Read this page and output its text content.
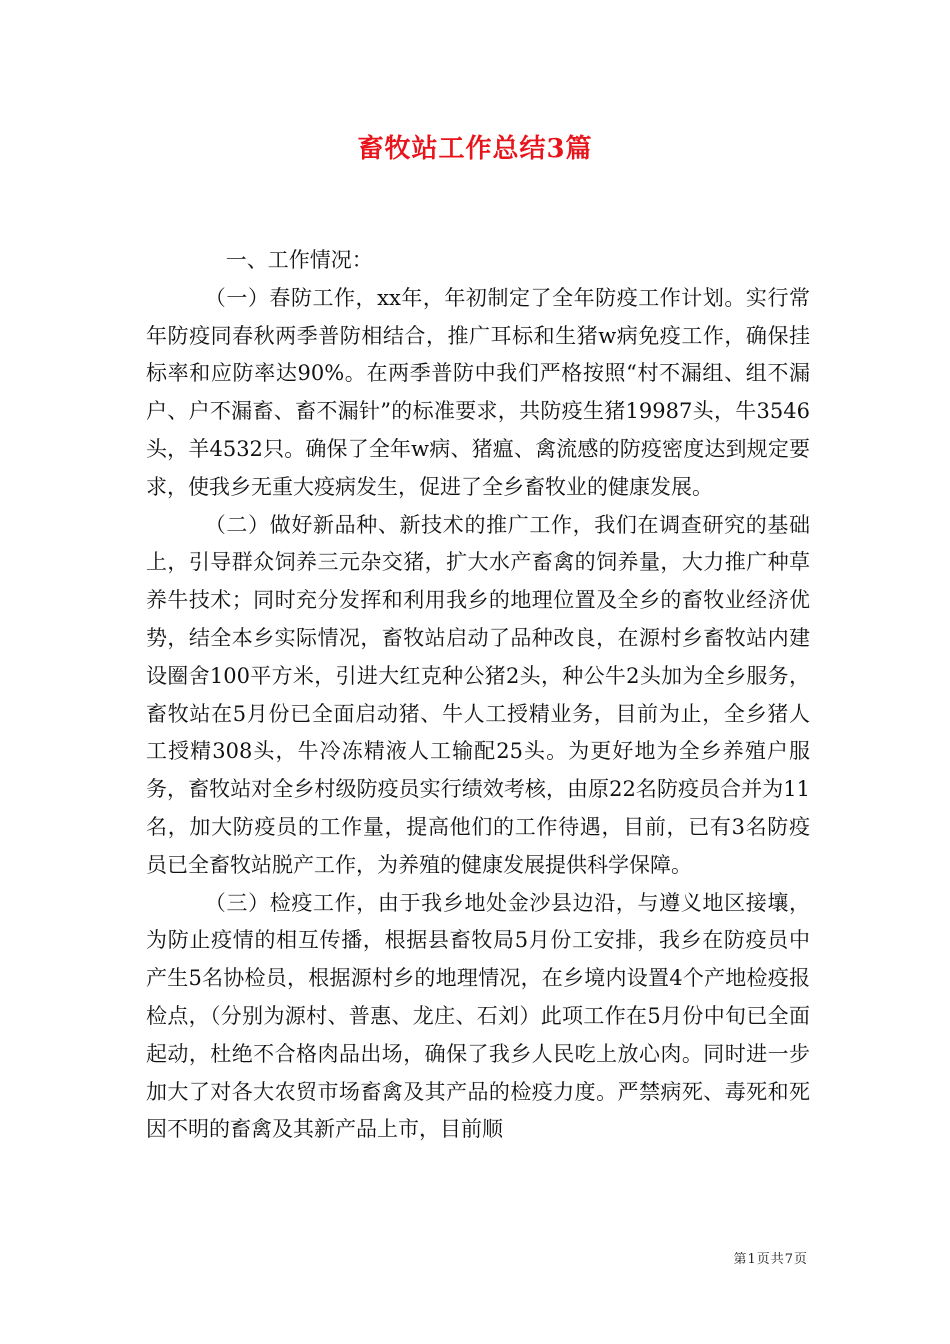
畜牧站工作总结3篇

一、工作情况：

（一）春防工作，xx年，年初制定了全年防疫工作计划。实行常年防疫同春秋两季普防相结合，推广耳标和生猪w病免疫工作，确保挂标率和应防率达90%。在两季普防中我们严格按照“村不漏组、组不漏户、户不漏畜、畜不漏针”的标准要求，共防疫生猪19987头，牛3546头，羊4532只。确保了全年w病、猪瘟、禽流感的防疫密度达到规定要求，使我乡无重大疫病发生，促进了全乡畜牧业的健康发展。

（二）做好新品种、新技术的推广工作，我们在调查研究的基础上，引导群众饲养三元杂交猪，扩大水产畜禽的饲养量，大力推广种草养牛技术；同时充分发挥和利用我乡的地理位置及全乡的畜牧业经济优势，结全本乡实际情况，畜牧站启动了品种改良，在源村乡畜牧站内建设圈舍100平方米，引进大红克种公猪2头，种公牛2头加为全乡服务，畜牧站在5月份已全面启动猪、牛人工授精业务，目前为止，全乡猪人工授精308头，牛冷冻精液人工输配25头。为更好地为全乡养殖户服务，畜牧站对全乡村级防疫员实行绩效考核，由原22名防疫员合并为11名，加大防疫员的工作量，提高他们的工作待遇，目前，已有3名防疫员已全畜牧站脱产工作，为养殖的健康发展提供科学保障。

（三）检疫工作，由于我乡地处金沙县边沿，与遵义地区接壤，为防止疫情的相互传播，根据县畜牧局5月份工安排，我乡在防疫员中产生5名协检员，根据源村乡的地理情况，在乡境内设置4个产地检疫报检点，（分别为源村、普惠、龙庄、石刘）此项工作在5月份中旬已全面起动，杜绝不合格肉品出场，确保了我乡人民吃上放心肉。同时进一步加大了对各大农贸市场畜禽及其产品的检疫力度。严禁病死、毒死和死因不明的畜禽及其新产品上市，目前顺

第1页共7页
